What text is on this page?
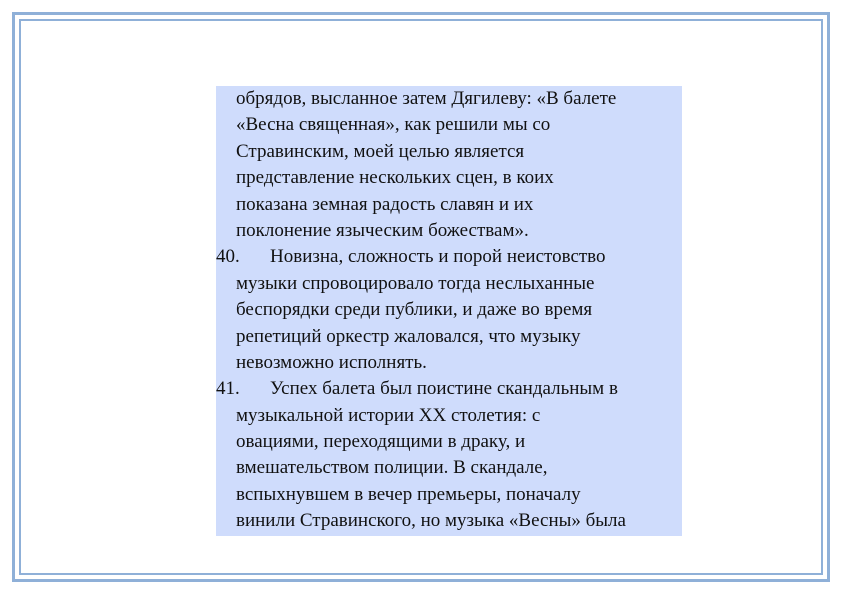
обрядов, высланное затем Дягилеву: «В балете
«Весна священная», как решили мы со
Стравинским, моей целью является
представление нескольких сцен, в коих
показана земная радость славян и их
поклонение языческим божествам».
40.	Новизна, сложность и порой неистовство
музыки спровоцировало тогда неслыханные
беспорядки среди публики, и даже во время
репетиций оркестр жаловался, что музыку
невозможно исполнять.
41.	Успех балета был поистине скандальным в
музыкальной истории XX столетия: с
овациями, переходящими в драку, и
вмешательством полиции. В скандале,
вспыхнувшем в вечер премьеры, поначалу
винили Стравинского, но музыка «Весны» была
